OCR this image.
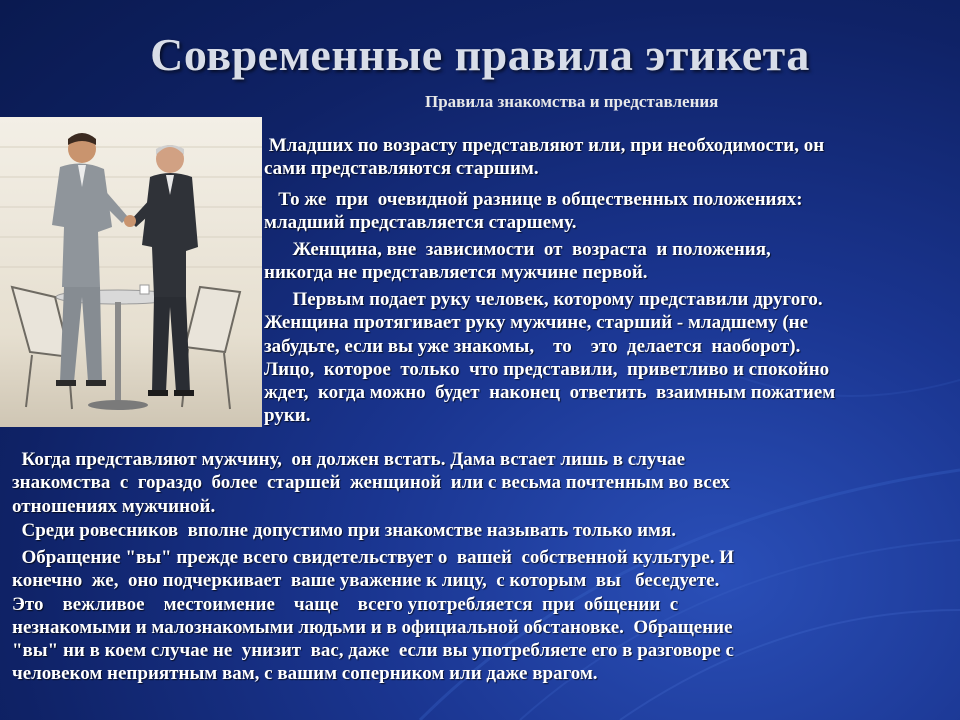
Современные правила этикета
Правила знакомства и представления
Младших по возрасту представляют или, при необходимости, он
сами представляются старшим.
То же  при  очевидной разнице в общественных положениях:
младший представляется старшему.
Женщина, вне  зависимости  от  возраста  и положения,
никогда не представляется мужчине первой.
Первым подает руку человек, которому представили другого.
Женщина протягивает руку мужчине, старший - младшему (не
забудьте, если вы уже знакомы,    то    это  делается  наоборот).
Лицо,  которое  только  что представили,  приветливо и спокойно
ждет,  когда можно  будет  наконец  ответить  взаимным пожатием
руки.
Когда представляют мужчину,  он должен встать. Дама встает лишь в случае
знакомства  с  гораздо  более  старшей  женщиной  или с весьма почтенным во всех
отношениях мужчиной.
Среди ровесников  вполне допустимо при знакомстве называть только имя.
Обращение "вы" прежде всего свидетельствует о  вашей  собственной культуре. И
конечно  же,  оно подчеркивает  ваше уважение к лицу,  с которым  вы   беседуете.
Это    вежливое    местоимение    чаще    всего употребляется  при  общении  с
незнакомыми и малознакомыми людьми и в официальной обстановке.  Обращение
"вы" ни в коем случае не  унизит  вас, даже  если вы употребляете его в разговоре с
человеком неприятным вам, с вашим соперником или даже врагом.
